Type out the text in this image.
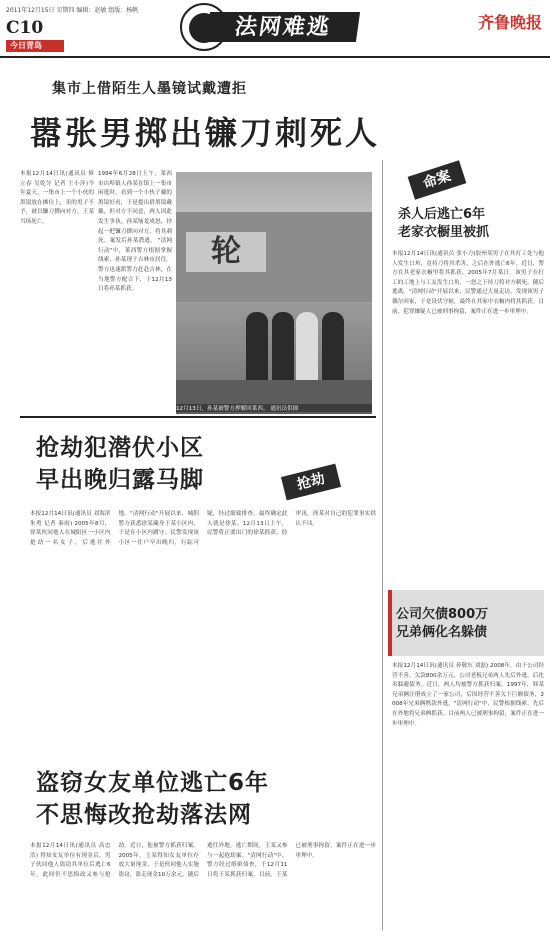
2011年12月15日 星期四 编辑：赵敏 组版：杨帆
C10
今日青岛
法网难逃	齐鲁晚报
集市上借陌生人墨镜试戴遭拒
嚣张男掷出镰刀刺死人
本报12月14日讯(通讯员 修立春 吴乾分 记者 王小萍)今年夏天，一集市上一个小伙的墨镜放在摊位上，卖的男子不予，被以镰刀掷向对方，王某当场死亡。
1994年6月28日上午，莱西市店埠镇人孙某在镇上一集市闲逛时，看到一个小伙子戴的墨镜好看，于是提出借墨镜戴戴，但对方不同意，两人因此发生争执。孙某恼羞成怒，抄起一把镰刀掷向对方，将其刺死。案发后孙某潜逃。 "清网行动"中，莱西警方根据掌握线索，孙某现于吉林市居住。警方迅速派警力赶赴吉林，在当地警方配合下，于12月13日将孙某抓获。
轮
12月13日，孙某被警方押解回莱西。 通讯员供图
命案
杀人后逃亡6年
老家衣橱里被抓
本报12月14日讯(通讯员 张小力)胶州某男子在其打工处与他人发生口角，竟持刀将其杀害，之后在外逃亡6年。近日，警方在其老家衣橱里将其抓获。2005年7月某日，该男子在打工的工地上与工友发生口角，一怒之下持刀将对方刺死，随后逃离。"清网行动"开展以来，民警通过大量走访，发现该男子偶尔回家，于是设伏守候，最终在其家中衣橱内将其抓获。目前，犯罪嫌疑人已被刑事拘留，案件正在进一步审理中。
公司欠债800万
兄弟俩化名躲债
本报12月14日讯(通讯员 孙敬东 刘磊) 2008年，由于公司经营不善，欠款800余万元，公司老板兄弟两人先后外逃，后化名躲避债务。近日，两人均被警方抓获归案。1997年，韩某兄弟俩注册成立了一家公司，后因经营不善欠下巨额债务，2008年兄弟俩携款外逃。"清网行动"中，民警根据线索，先后在外地将兄弟俩抓获。目前两人已被刑事拘留，案件正在进一步审理中。
抢劫犯潜伏小区
早出晚归露马脚	抢劫
本报12月14日讯(通讯员 刘海滨 朱勇 记者 秦雨) 2005年8月，徐某伙同他人在城阳区一小区内抢劫一名女子，后逃往外地。"清网行动"开展以来，城阳警方获悉徐某藏身于某小区内，于是在小区内蹲守。民警发现该小区一住户早出晚归，行踪可疑，经过细致排查，最终确定此人就是徐某。12月13日上午，民警将正要出门的徐某抓获。经审讯，徐某对自己的犯罪事实供认不讳。
盗窃女友单位逃亡6年
不思悔改抢劫落法网
本报12月14日讯(通讯员 高忠浩) 得知女友单位有现金后，男子伙同他人盗窃其单位后逃亡6年，此间仍不思悔改又参与抢劫。近日，他被警方抓获归案。2005年，王某得知女友单位存放大量现金，于是伙同他人实施盗窃，盗走现金10万余元，随后逃往外地。逃亡期间，王某又参与一起抢劫案。"清网行动"中，警方经过缜密侦查，于12月11日将王某抓获归案。目前，王某已被刑事拘留，案件正在进一步审理中。
